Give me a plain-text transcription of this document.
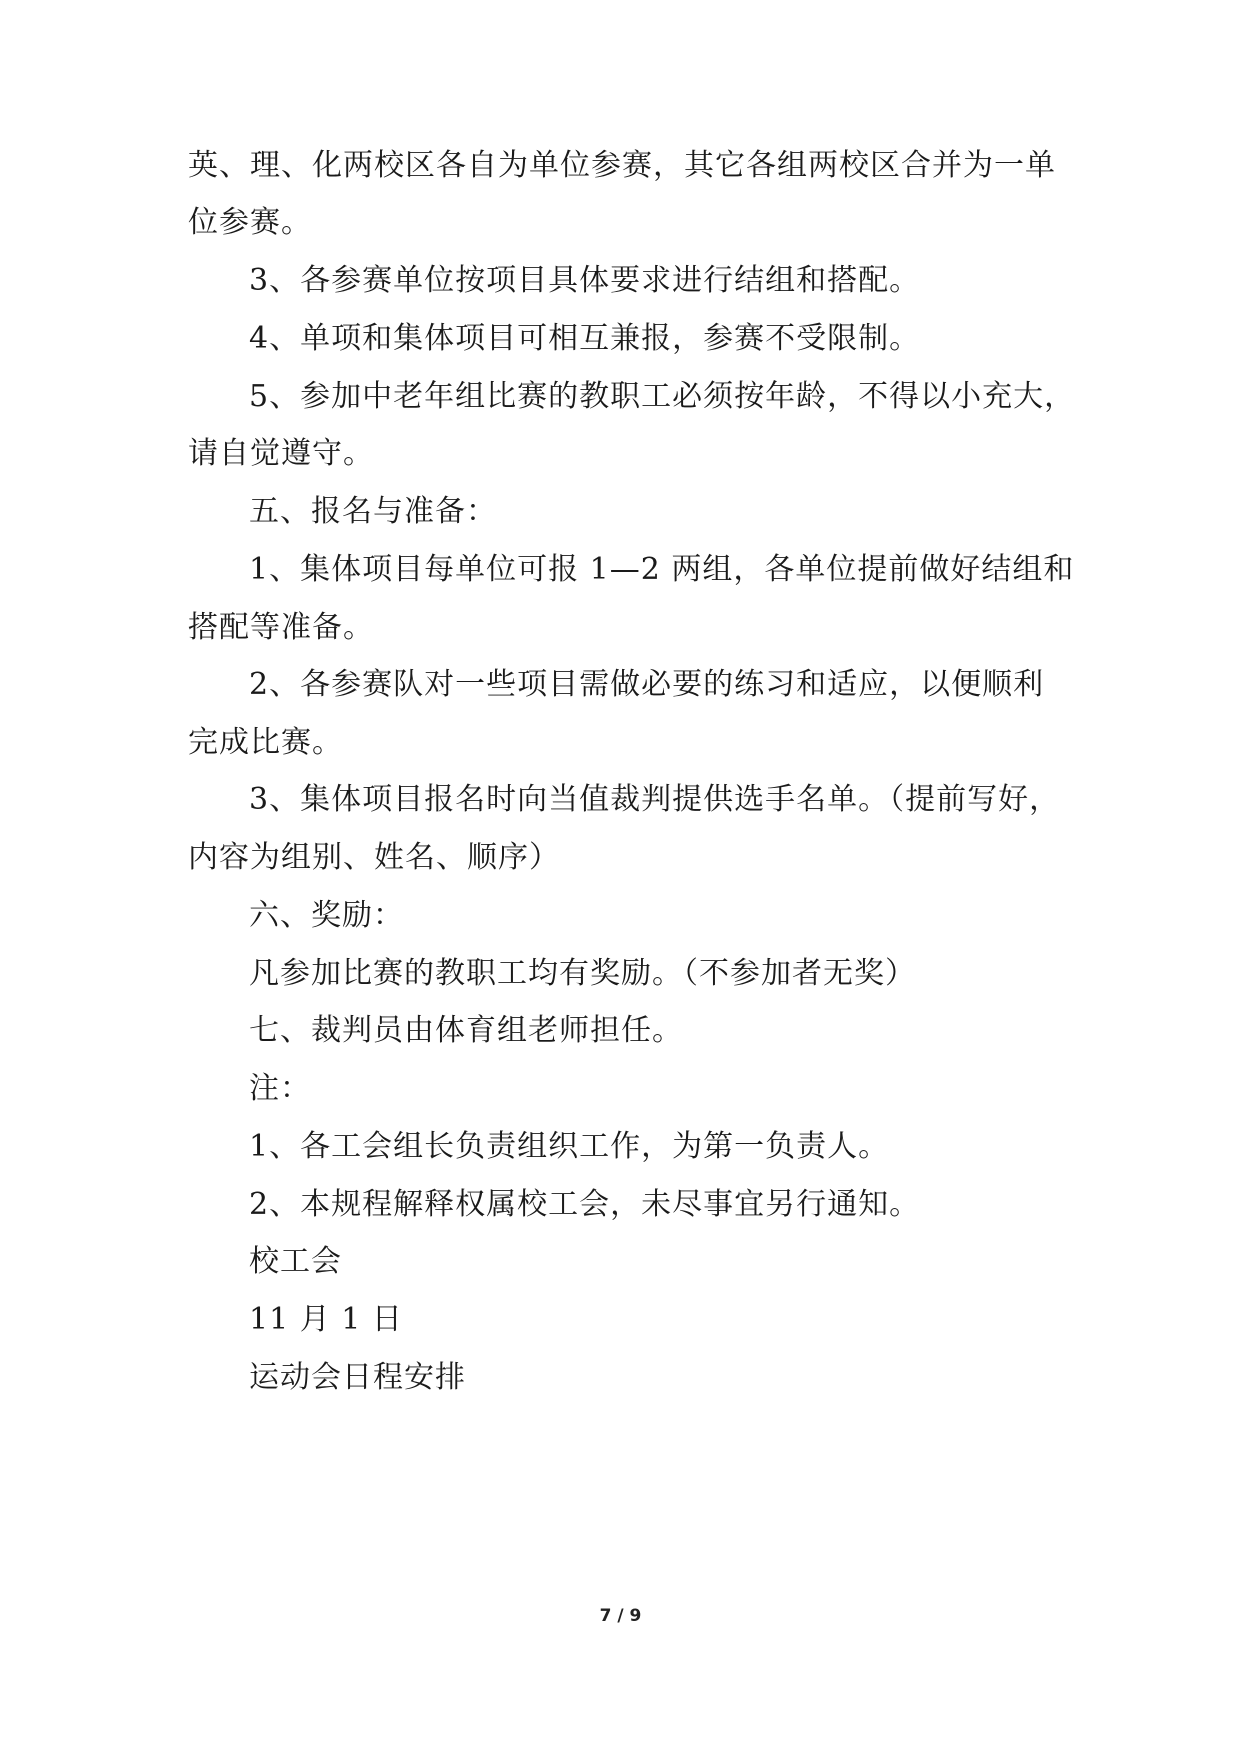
英、理、化两校区各自为单位参赛，其它各组两校区合并为一单
位参赛。
3、各参赛单位按项目具体要求进行结组和搭配。
4、单项和集体项目可相互兼报，参赛不受限制。
5、参加中老年组比赛的教职工必须按年龄，不得以小充大，
请自觉遵守。
五、报名与准备：
1、集体项目每单位可报 1—2 两组，各单位提前做好结组和
搭配等准备。
2、各参赛队对一些项目需做必要的练习和适应，以便顺利
完成比赛。
3、集体项目报名时向当值裁判提供选手名单。（提前写好，
内容为组别、姓名、顺序）
六、奖励：
凡参加比赛的教职工均有奖励。（不参加者无奖）
七、裁判员由体育组老师担任。
注：
1、各工会组长负责组织工作，为第一负责人。
2、本规程解释权属校工会，未尽事宜另行通知。
校工会
11 月 1 日
运动会日程安排
7 / 9
